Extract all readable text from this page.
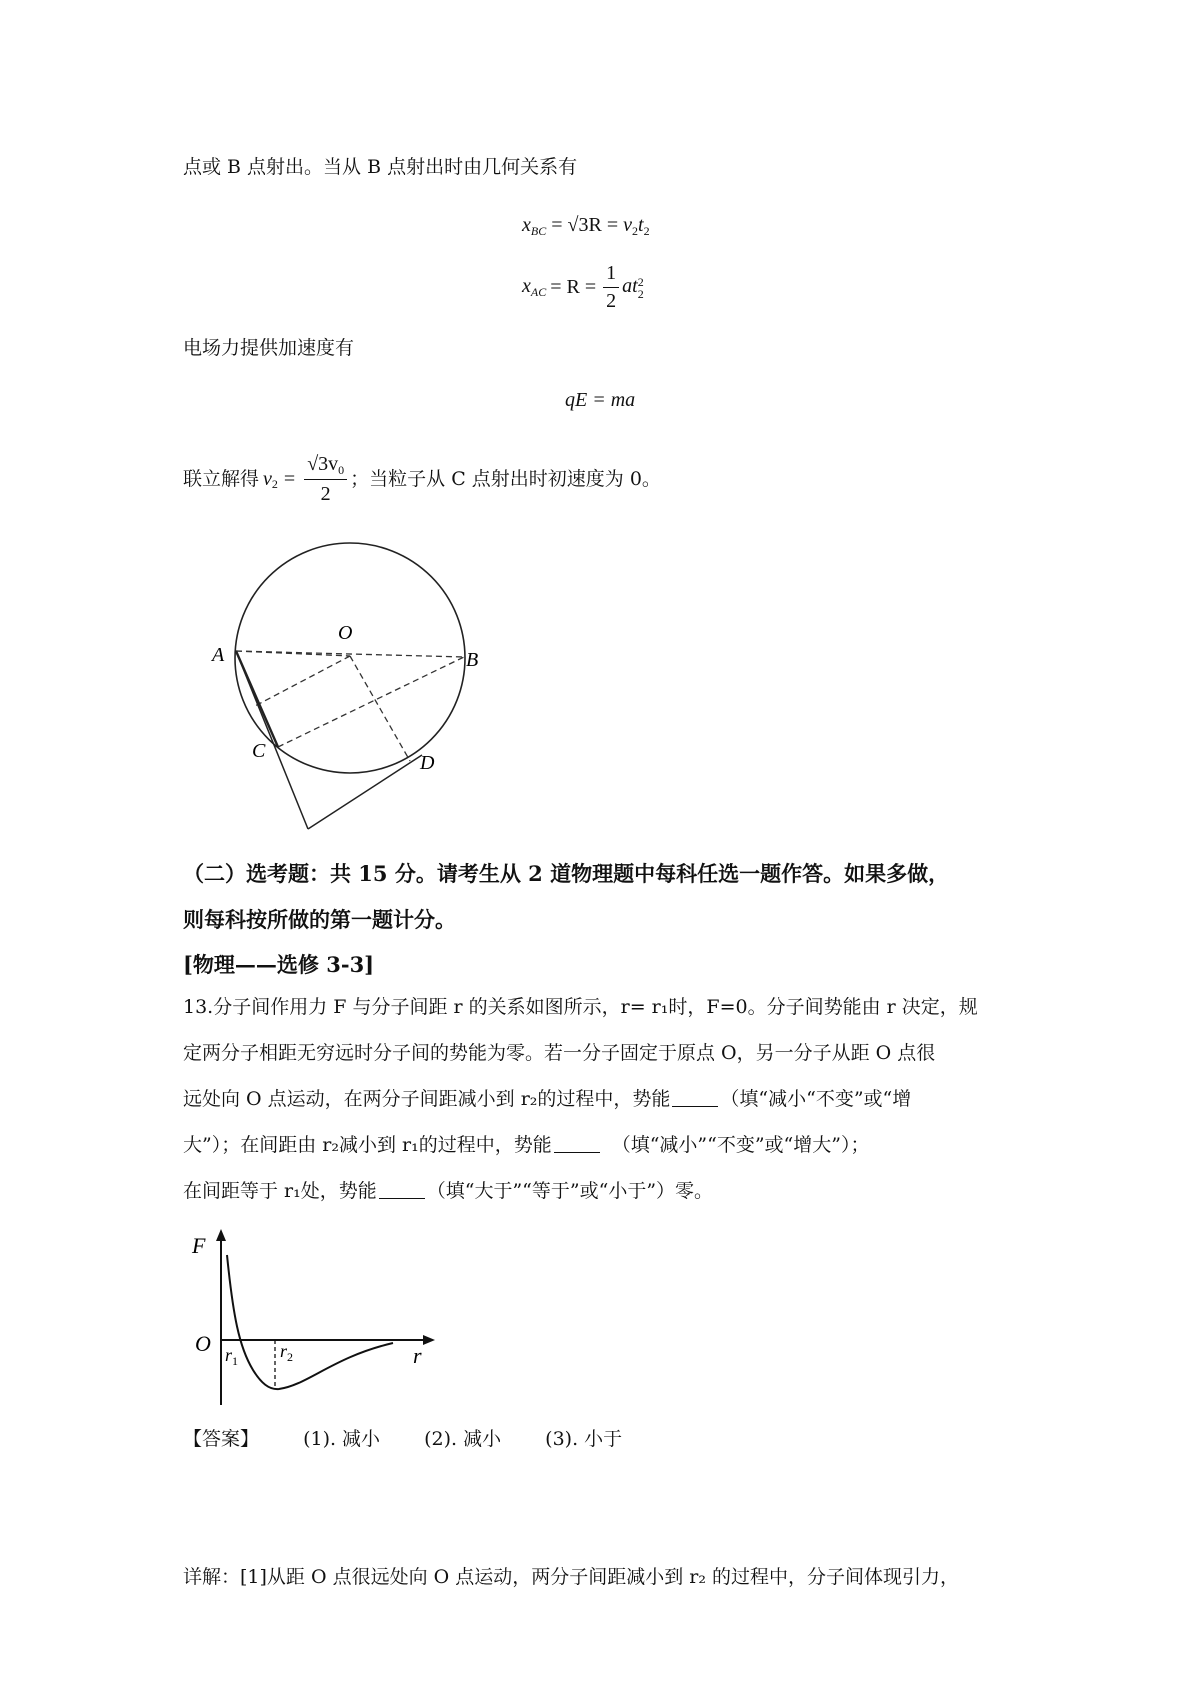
点或 B 点射出。当从 B 点射出时由几何关系有
$x_{BC} = √3R = v_2t_2$
$x_{AC} = R = \frac{1}{2}$ at 2
2
电场力提供加速度有
qE = ma
联立解得 v $2 = \frac{√3v_0}{2}$ ；当粒子从 C 点射出时初速度为 0。
A
O
B
C
D
（二）选考题：共 15 分。请考生从 2 道物理题中每科任选一题作答。如果多做，
则每科按所做的第一题计分。
[物理——选修 3-3]
13.分子间作用力 F 与分子间距 r 的关系如图所示，r= r₁时，F=0。分子间势能由 r 决定，规
定两分子相距无穷远时分子间的势能为零。若一分子固定于原点 O，另一分子从距 O 点很
远处向 O 点运动，在两分子间距减小到 r₂的过程中，势能	（填“减小“不变”或“增
大”）；在间距由 r₂减小到 r₁的过程中，势能	（填“减小”“不变”或“增大”）；
在间距等于 r₁处，势能	（填“大于”“等于”或“小于”）零。
F
O	r
$r_1$ $r_2$
【答案】 (1). 减小 (2). 减小 (3). 小于
详解：[1]从距 O 点很远处向 O 点运动，两分子间距减小到 r₂ 的过程中，分子间体现引力，
